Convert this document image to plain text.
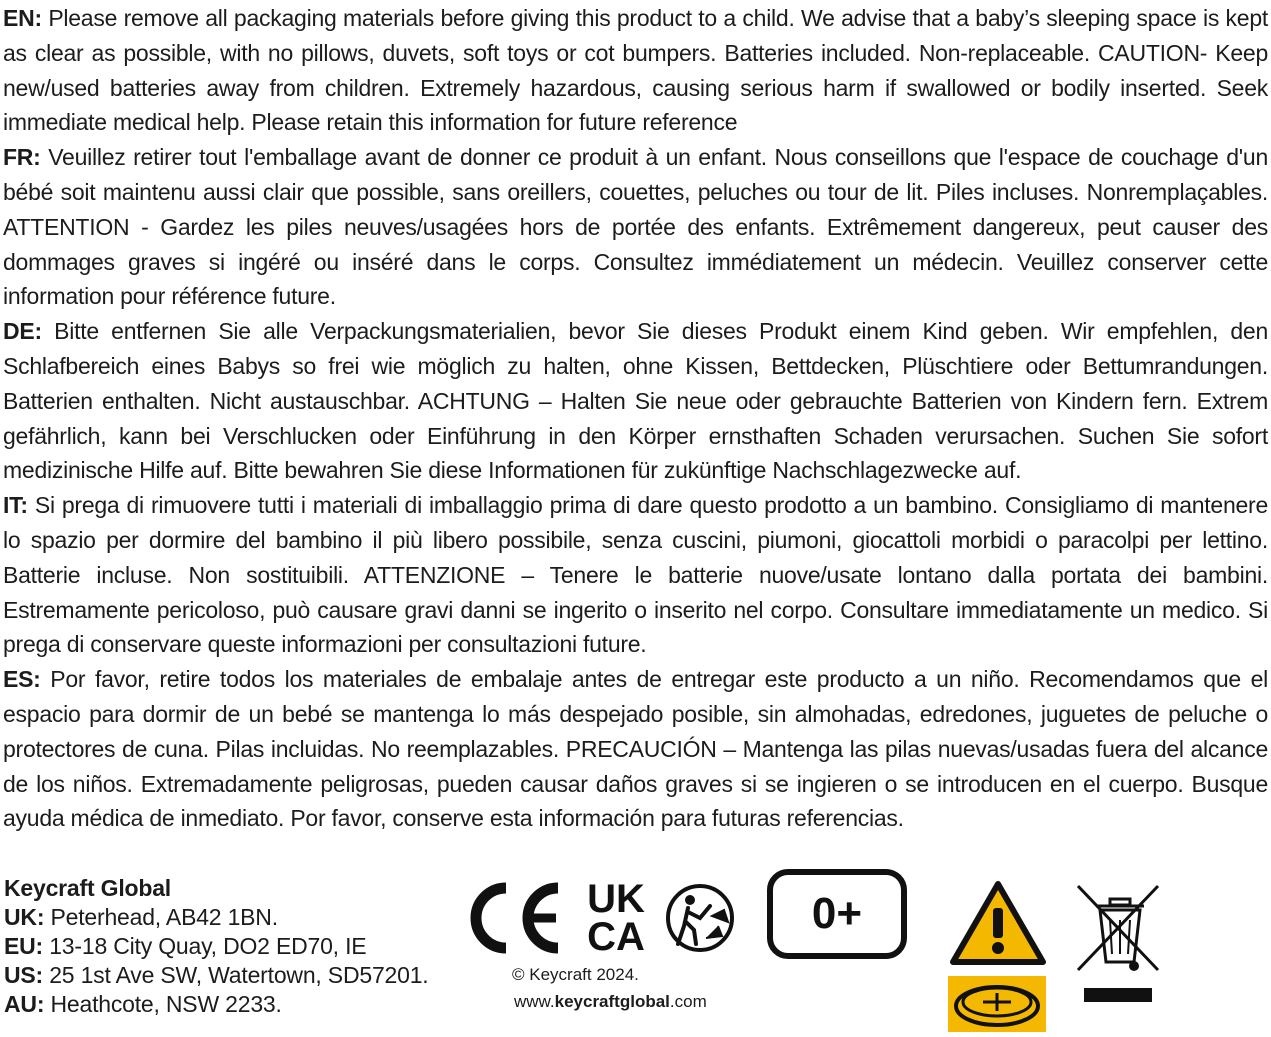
EN: Please remove all packaging materials before giving this product to a child. We advise that a baby’s sleeping space is kept as clear as possible, with no pillows, duvets, soft toys or cot bumpers. Batteries included. Non-replaceable. CAUTION- Keep new/used batteries away from children. Extremely hazardous, causing serious harm if swallowed or bodily inserted. Seek immediate medical help. Please retain this information for future reference

FR: Veuillez retirer tout l'emballage avant de donner ce produit à un enfant. Nous conseillons que l'espace de couchage d'un bébé soit maintenu aussi clair que possible, sans oreillers, couettes, peluches ou tour de lit. Piles incluses. Nonremplaçables. ATTENTION - Gardez les piles neuves/usagées hors de portée des enfants. Extrêmement dangereux, peut causer des dommages graves si ingéré ou inséré dans le corps. Consultez immédiatement un médecin. Veuillez conserver cette information pour référence future.

DE: Bitte entfernen Sie alle Verpackungsmaterialien, bevor Sie dieses Produkt einem Kind geben. Wir empfehlen, den Schlafbereich eines Babys so frei wie möglich zu halten, ohne Kissen, Bettdecken, Plüschtiere oder Bettumrandungen. Batterien enthalten. Nicht austauschbar. ACHTUNG – Halten Sie neue oder gebrauchte Batterien von Kindern fern. Extrem gefährlich, kann bei Verschlucken oder Einführung in den Körper ernsthaften Schaden verursachen. Suchen Sie sofort medizinische Hilfe auf. Bitte bewahren Sie diese Informationen für zukünftige Nachschlagezwecke auf.

IT: Si prega di rimuovere tutti i materiali di imballaggio prima di dare questo prodotto a un bambino. Consigliamo di mantenere lo spazio per dormire del bambino il più libero possibile, senza cuscini, piumoni, giocattoli morbidi o paracolpi per lettino. Batterie incluse. Non sostituibili. ATTENZIONE – Tenere le batterie nuove/usate lontano dalla portata dei bambini. Estremamente pericoloso, può causare gravi danni se ingerito o inserito nel corpo. Consultare immediatamente un medico. Si prega di conservare queste informazioni per consultazioni future.

ES: Por favor, retire todos los materiales de embalaje antes de entregar este producto a un niño. Recomendamos que el espacio para dormir de un bebé se mantenga lo más despejado posible, sin almohadas, edredones, juguetes de peluche o protectores de cuna. Pilas incluidas. No reemplazables. PRECAUCIÓN – Mantenga las pilas nuevas/usadas fuera del alcance de los niños. Extremadamente peligrosas, pueden causar daños graves si se ingieren o se introducen en el cuerpo. Busque ayuda médica de inmediato. Por favor, conserve esta información para futuras referencias.

Keycraft Global
UK: Peterhead, AB42 1BN.
EU: 13-18 City Quay, DO2 ED70, IE
US: 25 1st Ave SW, Watertown, SD57201.
AU: Heathcote, NSW 2233.
UK
CA	0+
© Keycraft 2024.
www.keycraftglobal.com
